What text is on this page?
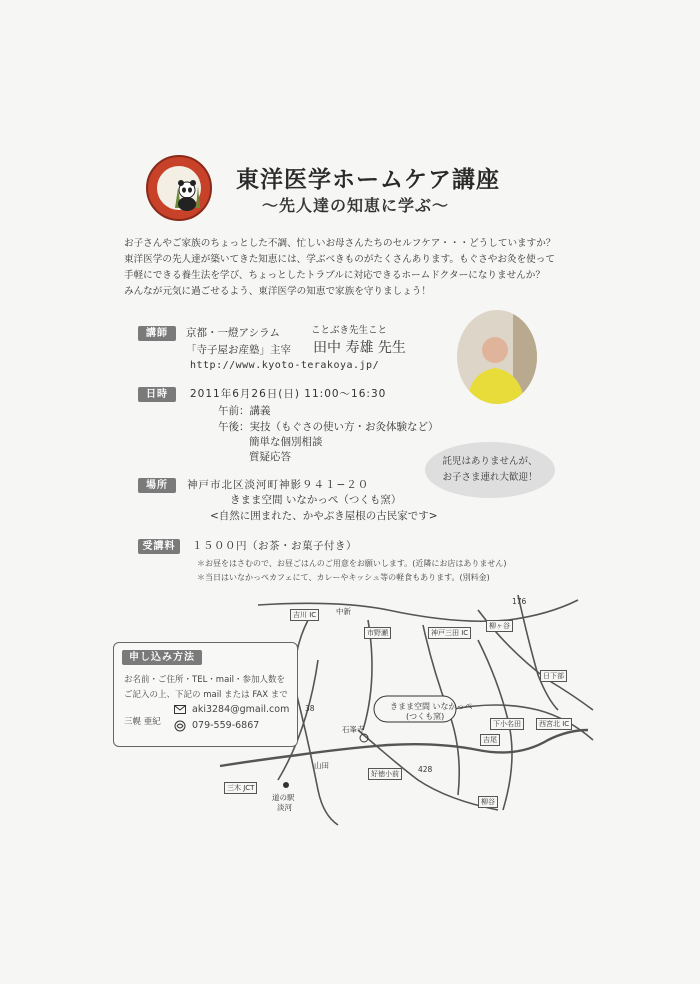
東洋医学ホームケア講座
〜先人達の知恵に学ぶ〜
お子さんやご家族のちょっとした不調、忙しいお母さんたちのセルフケア・・・どうしていますか？
東洋医学の先人達が築いてきた知恵には、学ぶべきものがたくさんあります。もぐさやお灸を使って
手軽にできる養生法を学び、ちょっとしたトラブルに対応できるホームドクターになりませんか？
みんなが元気に過ごせるよう、東洋医学の知恵で家族を守りましょう！
講師	京都・一燈アシラム
「寺子屋お産塾」主宰
ことぶき先生こと
田中 寿雄 先生
http://www.kyoto-terakoya.jp/
日時	2011年6月26日(日) 11:00〜16:30
午前：講義
午後：実技（もぐさの使い方・お灸体験など）
簡単な個別相談
質疑応答	託児はありませんが、
お子さま連れ大歓迎！
場所	神戸市北区淡河町神影９４１−２０
きまま空間 いなかっぺ（つくも窯）
<自然に囲まれた、かやぶき屋根の古民家です>
受講料	１５００円（お茶・お菓子付き）
＊お昼をはさむので、お昼ごはんのご用意をお願いします。(近隣にお店はありません)
＊当日はいなかっぺカフェにて、カレーやキッシュ等の軽食もあります。(別料金)
吉川 IC	中新
市野瀬	神戸三田 IC
柳ヶ谷
176
日下部
下小名田	西宮北 IC
吉尾
428
きまま空間 いなかっぺ
(つくも窯)
石峯寺
山田
好徳小前
三木 JCT
道の駅
淡河
柳谷
38
申し込み方法
お名前・ご住所・TEL・mail・参加人数を
ご記入の上、下記の mail または FAX まで
三幌 亜紀
aki3284@gmail.com
079-559-6867
